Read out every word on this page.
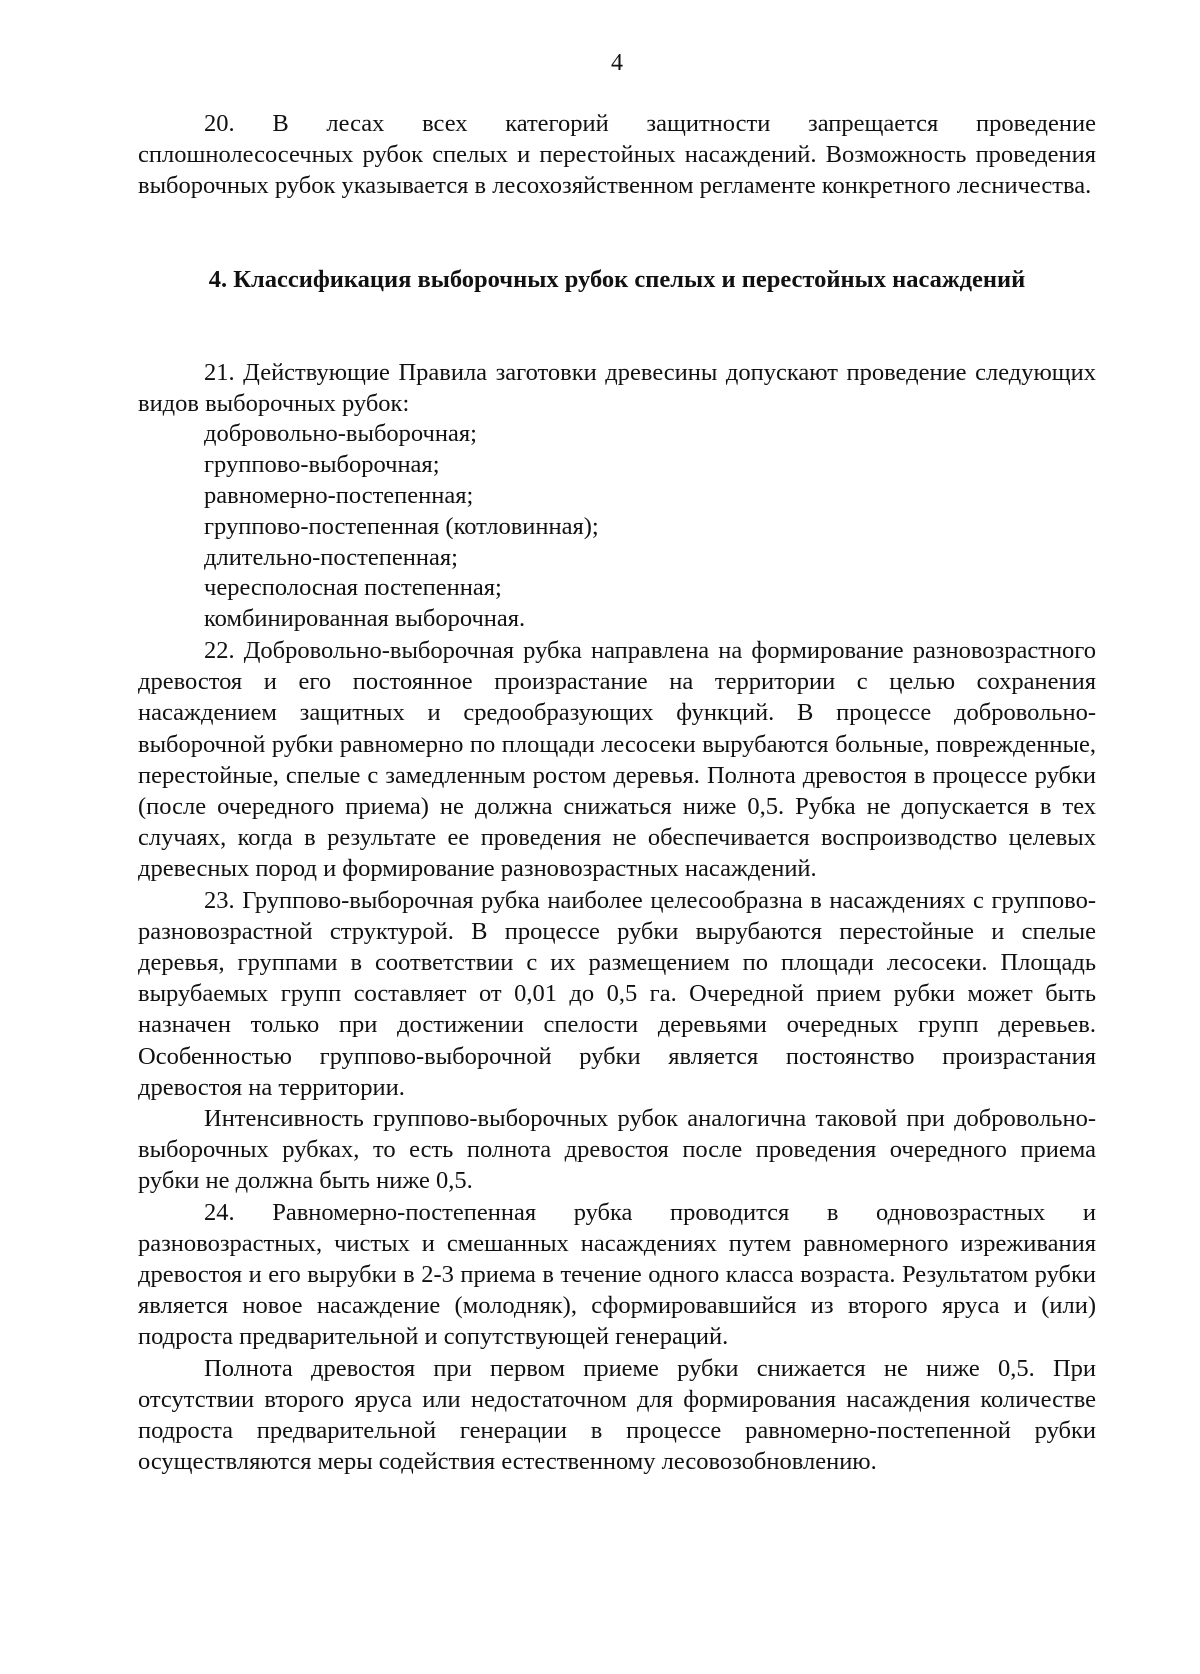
4

20. В лесах всех категорий защитности запрещается проведение сплошнолесосечных рубок спелых и перестойных насаждений. Возможность проведения выборочных рубок указывается в лесохозяйственном регламенте конкретного лесничества.

4. Классификация выборочных рубок спелых и перестойных насаждений

21. Действующие Правила заготовки древесины допускают проведение следующих видов выборочных рубок:

добровольно-выборочная;
группово-выборочная;
равномерно-постепенная;
группово-постепенная (котловинная);
длительно-постепенная;
чересполосная постепенная;
комбинированная выборочная.

22. Добровольно-выборочная рубка направлена на формирование разновозрастного древостоя и его постоянное произрастание на территории с целью сохранения насаждением защитных и средообразующих функций. В процессе добровольно-выборочной рубки равномерно по площади лесосеки вырубаются больные, поврежденные, перестойные, спелые с замедленным ростом деревья. Полнота древостоя в процессе рубки (после очередного приема) не должна снижаться ниже 0,5. Рубка не допускается в тех случаях, когда в результате ее проведения не обеспечивается воспроизводство целевых древесных пород и формирование разновозрастных насаждений.

23. Группово-выборочная рубка наиболее целесообразна в насаждениях с группово-разновозрастной структурой. В процессе рубки вырубаются перестойные и спелые деревья, группами в соответствии с их размещением по площади лесосеки. Площадь вырубаемых групп составляет от 0,01 до 0,5 га. Очередной прием рубки может быть назначен только при достижении спелости деревьями очередных групп деревьев. Особенностью группово-выборочной рубки является постоянство произрастания древостоя на территории.

Интенсивность группово-выборочных рубок аналогична таковой при добровольно-выборочных рубках, то есть полнота древостоя после проведения очередного приема рубки не должна быть ниже 0,5.

24. Равномерно-постепенная рубка проводится в одновозрастных и разновозрастных, чистых и смешанных насаждениях путем равномерного изреживания древостоя и его вырубки в 2-3 приема в течение одного класса возраста. Результатом рубки является новое насаждение (молодняк), сформировавшийся из второго яруса и (или) подроста предварительной и сопутствующей генераций.

Полнота древостоя при первом приеме рубки снижается не ниже 0,5. При отсутствии второго яруса или недостаточном для формирования насаждения количестве подроста предварительной генерации в процессе равномерно-постепенной рубки осуществляются меры содействия естественному лесовозобновлению.
